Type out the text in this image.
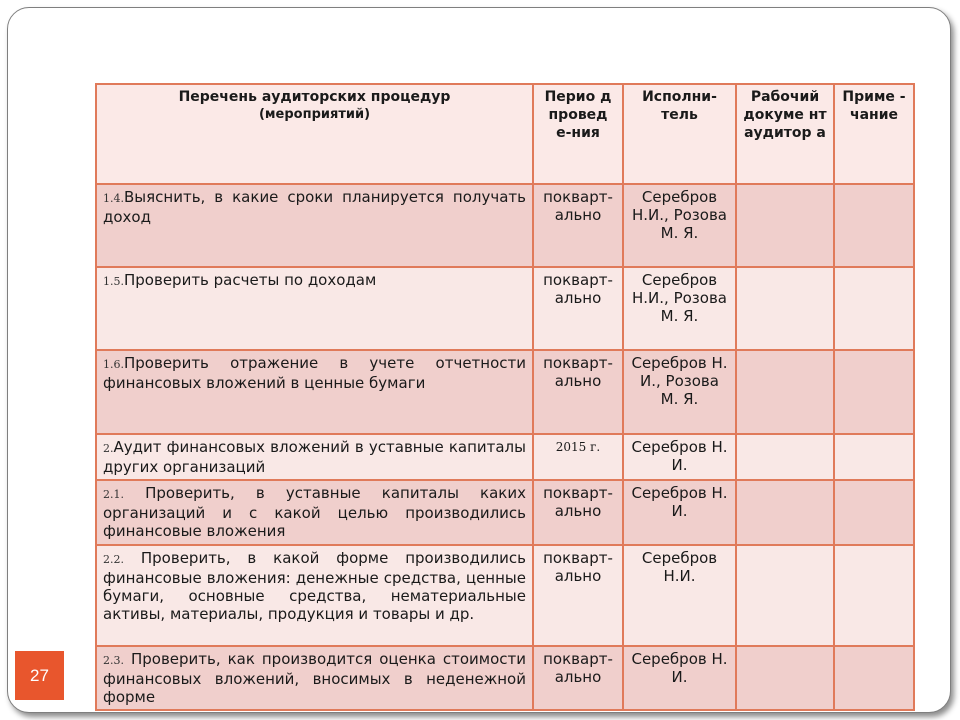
Перечень аудиторских процедур
(мероприятий)	Перио д провед е-ния	Исполни- тель	Рабочий докуме нт аудитор а	Приме - чание
1.4.Выяснить, в какие сроки планируется получать доход	покварт-ально	Серебров Н.И., Розова М. Я.		
1.5.Проверить расчеты по доходам	покварт-ально	Серебров Н.И., Розова М. Я.		
1.6.Проверить отражение в учете отчетности финансовых вложений в ценные бумаги	покварт-ально	Серебров Н. И., Розова М. Я.		
2.Аудит финансовых вложений в уставные капиталы других организаций	2015 г.	Серебров Н. И.		
2.1. Проверить, в уставные капиталы каких организаций и с какой целью производились финансовые вложения	покварт-ально	Серебров Н. И.		
2.2. Проверить, в какой форме производились финансовые вложения: денежные средства, ценные бумаги, основные средства, нематериальные активы, материалы, продукция и товары и др.	покварт-ально	Серебров Н.И.		
2.3. Проверить, как производится оценка стоимости финансовых вложений, вносимых в неденежной форме	покварт-ально	Серебров Н. И.		
27
